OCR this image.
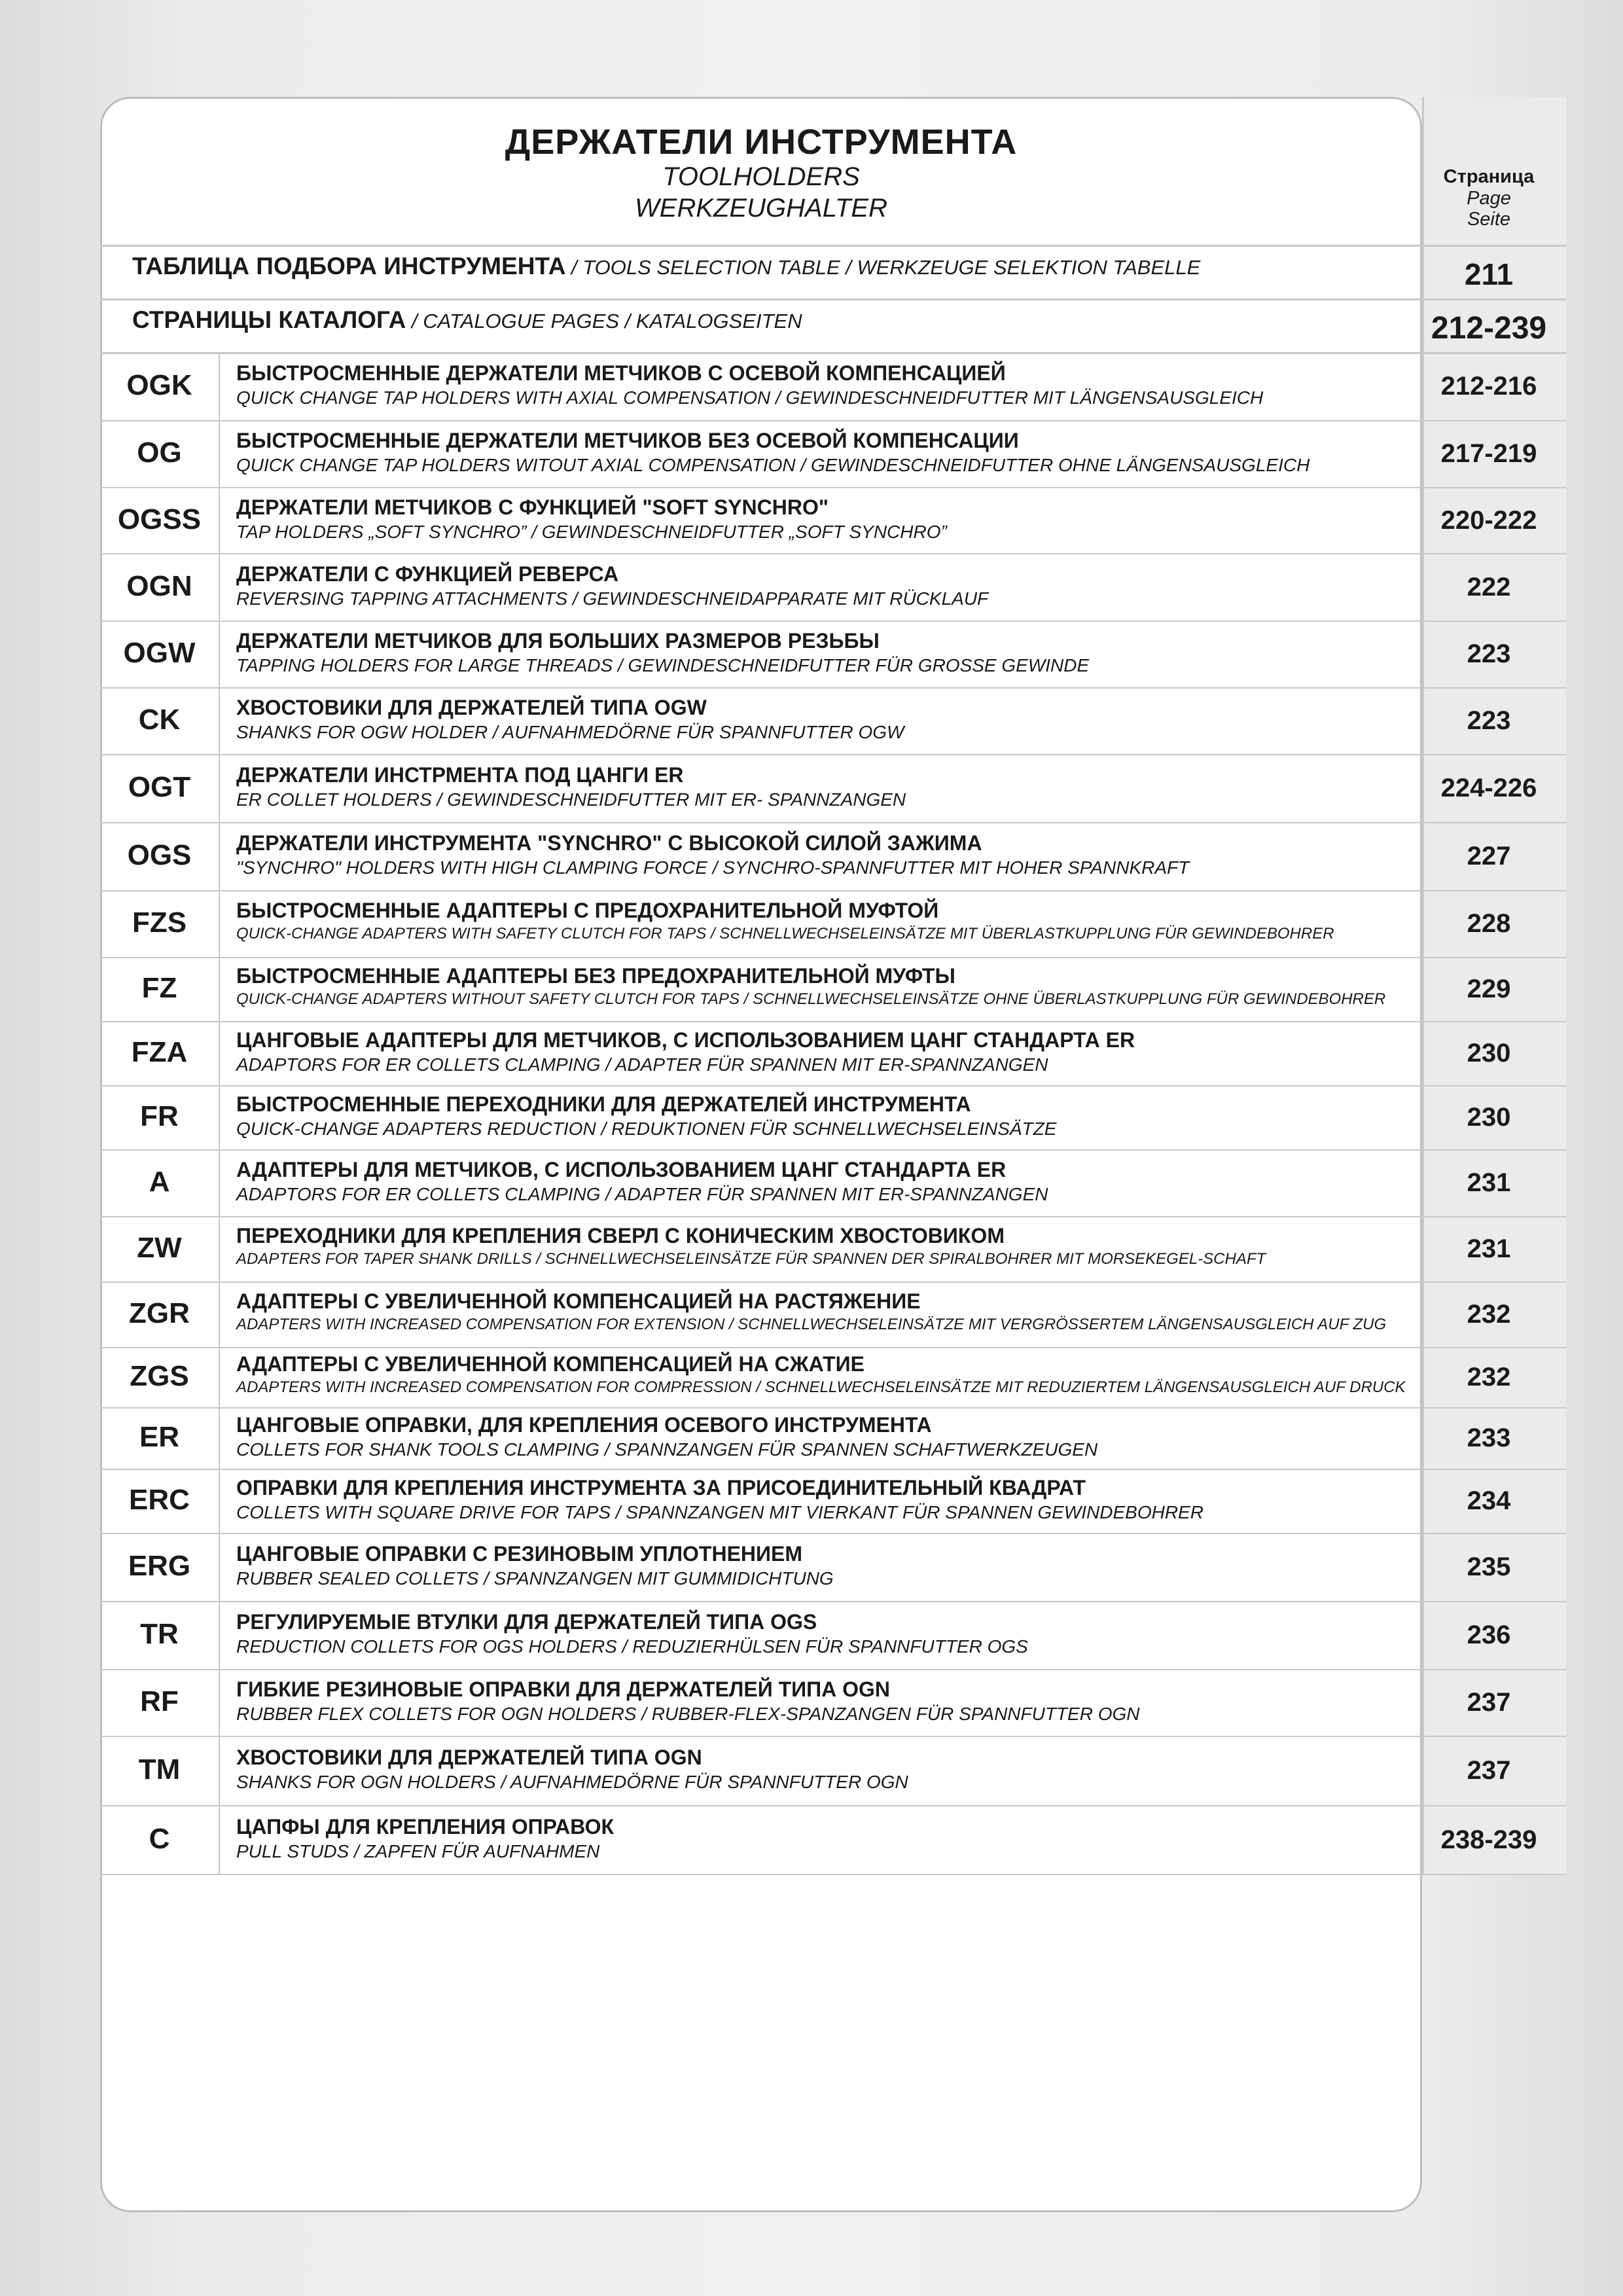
ДЕРЖАТЕЛИ ИНСТРУМЕНТА
TOOLHOLDERS
WERKZEUGHALTER
Страница
Page
Seite
ТАБЛИЦА ПОДБОРА ИНСТРУМЕНТА / TOOLS SELECTION TABLE / WERKZEUGE SELEKTION TABELLE	211
СТРАНИЦЫ КАТАЛОГА / CATALOGUE PAGES / KATALOGSEITEN	212-239
OGK	БЫСТРОСМЕННЫЕ ДЕРЖАТЕЛИ МЕТЧИКОВ С ОСЕВОЙ КОМПЕНСАЦИЕЙ
QUICK CHANGE TAP HOLDERS WITH AXIAL COMPENSATION / GEWINDESCHNEIDFUTTER MIT LÄNGENSAUSGLEICH	212-216
OG	БЫСТРОСМЕННЫЕ ДЕРЖАТЕЛИ МЕТЧИКОВ БЕЗ ОСЕВОЙ КОМПЕНСАЦИИ
QUICK CHANGE TAP HOLDERS WITOUT AXIAL COMPENSATION / GEWINDESCHNEIDFUTTER OHNE LÄNGENSAUSGLEICH	217-219
OGSS	ДЕРЖАТЕЛИ МЕТЧИКОВ С ФУНКЦИЕЙ "SOFT SYNCHRO"
TAP HOLDERS „SOFT SYNCHRO” / GEWINDESCHNEIDFUTTER „SOFT SYNCHRO”	220-222
OGN	ДЕРЖАТЕЛИ С ФУНКЦИЕЙ РЕВЕРСА
REVERSING TAPPING ATTACHMENTS / GEWINDESCHNEIDAPPARATE MIT RÜCKLAUF	222
OGW	ДЕРЖАТЕЛИ МЕТЧИКОВ ДЛЯ БОЛЬШИХ РАЗМЕРОВ РЕЗЬБЫ
TAPPING HOLDERS FOR LARGE THREADS / GEWINDESCHNEIDFUTTER FÜR GROSSE GEWINDE	223
CK	ХВОСТОВИКИ ДЛЯ ДЕРЖАТЕЛЕЙ ТИПА OGW
SHANKS FOR OGW HOLDER / AUFNAHMEDÖRNE FÜR SPANNFUTTER OGW	223
OGT	ДЕРЖАТЕЛИ ИНСТРМЕНТА ПОД ЦАНГИ ER
ER COLLET HOLDERS / GEWINDESCHNEIDFUTTER MIT ER- SPANNZANGEN	224-226
OGS	ДЕРЖАТЕЛИ ИНСТРУМЕНТА "SYNCHRO" С ВЫСОКОЙ СИЛОЙ ЗАЖИМА
"SYNCHRO" HOLDERS WITH HIGH CLAMPING FORCE / SYNCHRO-SPANNFUTTER MIT HOHER SPANNKRAFT	227
FZS	БЫСТРОСМЕННЫЕ АДАПТЕРЫ С ПРЕДОХРАНИТЕЛЬНОЙ МУФТОЙ
QUICK-CHANGE ADAPTERS WITH SAFETY CLUTCH FOR TAPS / SCHNELLWECHSELEINSÄTZE MIT ÜBERLASTKUPPLUNG FÜR GEWINDEBOHRER	228
FZ	БЫСТРОСМЕННЫЕ АДАПТЕРЫ БЕЗ ПРЕДОХРАНИТЕЛЬНОЙ МУФТЫ
QUICK-CHANGE ADAPTERS WITHOUT SAFETY CLUTCH FOR TAPS / SCHNELLWECHSELEINSÄTZE OHNE ÜBERLASTKUPPLUNG FÜR GEWINDEBOHRER	229
FZA	ЦАНГОВЫЕ АДАПТЕРЫ ДЛЯ МЕТЧИКОВ, С ИСПОЛЬЗОВАНИЕМ ЦАНГ СТАНДАРТА ER
ADAPTORS FOR ER COLLETS CLAMPING / ADAPTER FÜR SPANNEN MIT ER-SPANNZANGEN	230
FR	БЫСТРОСМЕННЫЕ ПЕРЕХОДНИКИ ДЛЯ ДЕРЖАТЕЛЕЙ ИНСТРУМЕНТА
QUICK-CHANGE ADAPTERS REDUCTION / REDUKTIONEN FÜR SCHNELLWECHSELEINSÄTZE	230
A	АДАПТЕРЫ ДЛЯ МЕТЧИКОВ, С ИСПОЛЬЗОВАНИЕМ ЦАНГ СТАНДАРТА ER
ADAPTORS FOR ER COLLETS CLAMPING / ADAPTER FÜR SPANNEN MIT ER-SPANNZANGEN	231
ZW	ПЕРЕХОДНИКИ ДЛЯ КРЕПЛЕНИЯ СВЕРЛ С КОНИЧЕСКИМ ХВОСТОВИКОМ
ADAPTERS FOR TAPER SHANK DRILLS / SCHNELLWECHSELEINSÄTZE FÜR SPANNEN DER SPIRALBOHRER MIT MORSEKEGEL-SCHAFT	231
ZGR	АДАПТЕРЫ С УВЕЛИЧЕННОЙ КОМПЕНСАЦИЕЙ НА РАСТЯЖЕНИЕ
ADAPTERS WITH INCREASED COMPENSATION FOR EXTENSION / SCHNELLWECHSELEINSÄTZE MIT VERGRÖSSERTEM LÄNGENSAUSGLEICH AUF ZUG	232
ZGS	АДАПТЕРЫ С УВЕЛИЧЕННОЙ КОМПЕНСАЦИЕЙ НА СЖАТИЕ
ADAPTERS WITH INCREASED COMPENSATION FOR COMPRESSION / SCHNELLWECHSELEINSÄTZE MIT REDUZIERTEM LÄNGENSAUSGLEICH AUF DRUCK	232
ER	ЦАНГОВЫЕ ОПРАВКИ, ДЛЯ КРЕПЛЕНИЯ ОСЕВОГО ИНСТРУМЕНТА
COLLETS FOR SHANK TOOLS CLAMPING / SPANNZANGEN FÜR SPANNEN SCHAFTWERKZEUGEN	233
ERC	ОПРАВКИ ДЛЯ КРЕПЛЕНИЯ ИНСТРУМЕНТА ЗА ПРИСОЕДИНИТЕЛЬНЫЙ КВАДРАТ
COLLETS WITH SQUARE DRIVE FOR TAPS / SPANNZANGEN MIT VIERKANT FÜR SPANNEN GEWINDEBOHRER	234
ERG	ЦАНГОВЫЕ ОПРАВКИ С РЕЗИНОВЫМ УПЛОТНЕНИЕМ
RUBBER SEALED COLLETS / SPANNZANGEN MIT GUMMIDICHTUNG	235
TR	РЕГУЛИРУЕМЫЕ ВТУЛКИ ДЛЯ ДЕРЖАТЕЛЕЙ ТИПА OGS
REDUCTION COLLETS FOR OGS HOLDERS / REDUZIERHÜLSEN FÜR SPANNFUTTER OGS	236
RF	ГИБКИЕ РЕЗИНОВЫЕ ОПРАВКИ ДЛЯ ДЕРЖАТЕЛЕЙ ТИПА OGN
RUBBER FLEX COLLETS FOR OGN HOLDERS / RUBBER-FLEX-SPANZANGEN FÜR SPANNFUTTER OGN	237
TM	ХВОСТОВИКИ ДЛЯ ДЕРЖАТЕЛЕЙ ТИПА OGN
SHANKS FOR OGN HOLDERS / AUFNAHMEDÖRNE FÜR SPANNFUTTER OGN	237
C	ЦАПФЫ ДЛЯ КРЕПЛЕНИЯ ОПРАВОК
PULL STUDS / ZAPFEN FÜR AUFNAHMEN	238-239
